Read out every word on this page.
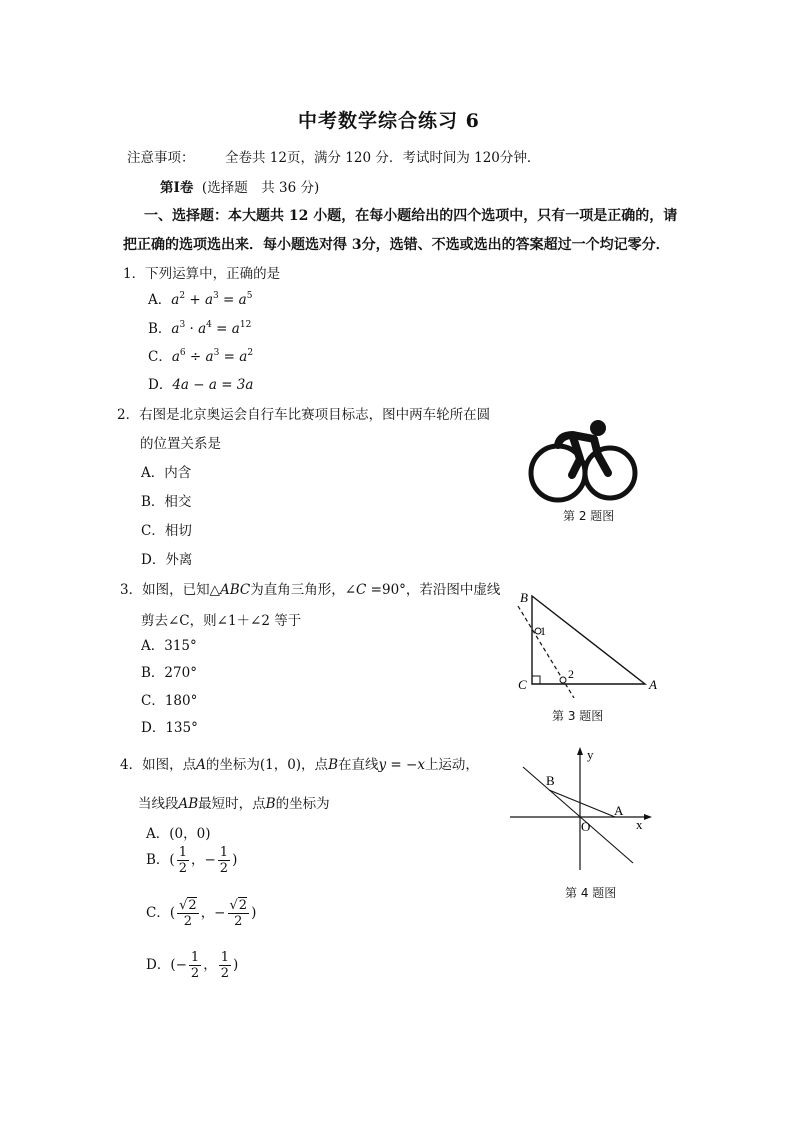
中考数学综合练习 6
注意事项： 全卷共 12页，满分 120 分．考试时间为 120分钟．
第Ⅰ卷 (选择题　共 36 分)
一、选择题：本大题共 12 小题，在每小题给出的四个选项中，只有一项是正确的，请
把正确的选项选出来．每小题选对得 3分，选错、不选或选出的答案超过一个均记零分．
1．下列运算中，正确的是
A．$a^2 + a^3 = a^5$
B．$a^3 \cdot a^4 = a^{12}$
C．$a^6 \div a^3 = a^2$
D．4a − a = 3a
2．右图是北京奥运会自行车比赛项目标志，图中两车轮所在圆
的位置关系是
A．内含
B．相交
C．相切
D．外离
第 2 题图
3．如图，已知△ABC为直角三角形，∠C =90°，若沿图中虚线
剪去∠C，则∠1＋∠2 等于
A．315°
B．270°
C．180°
D．135°
B
C	A
1
2
第 3 题图
4．如图，点A的坐标为(1，0)，点B在直线y = −x上运动，
当线段AB最短时，点B的坐标为
A．(0，0)
B．( $\frac{1}{2}$ ，− $\frac{1}{2}$ )
C．( $\frac{√2}{2}$ ，− $\frac{√2}{2}$ )
D．(− $\frac{1}{2}$ ， $\frac{1}{2}$ )
y
x
B
A
O
第 4 题图
